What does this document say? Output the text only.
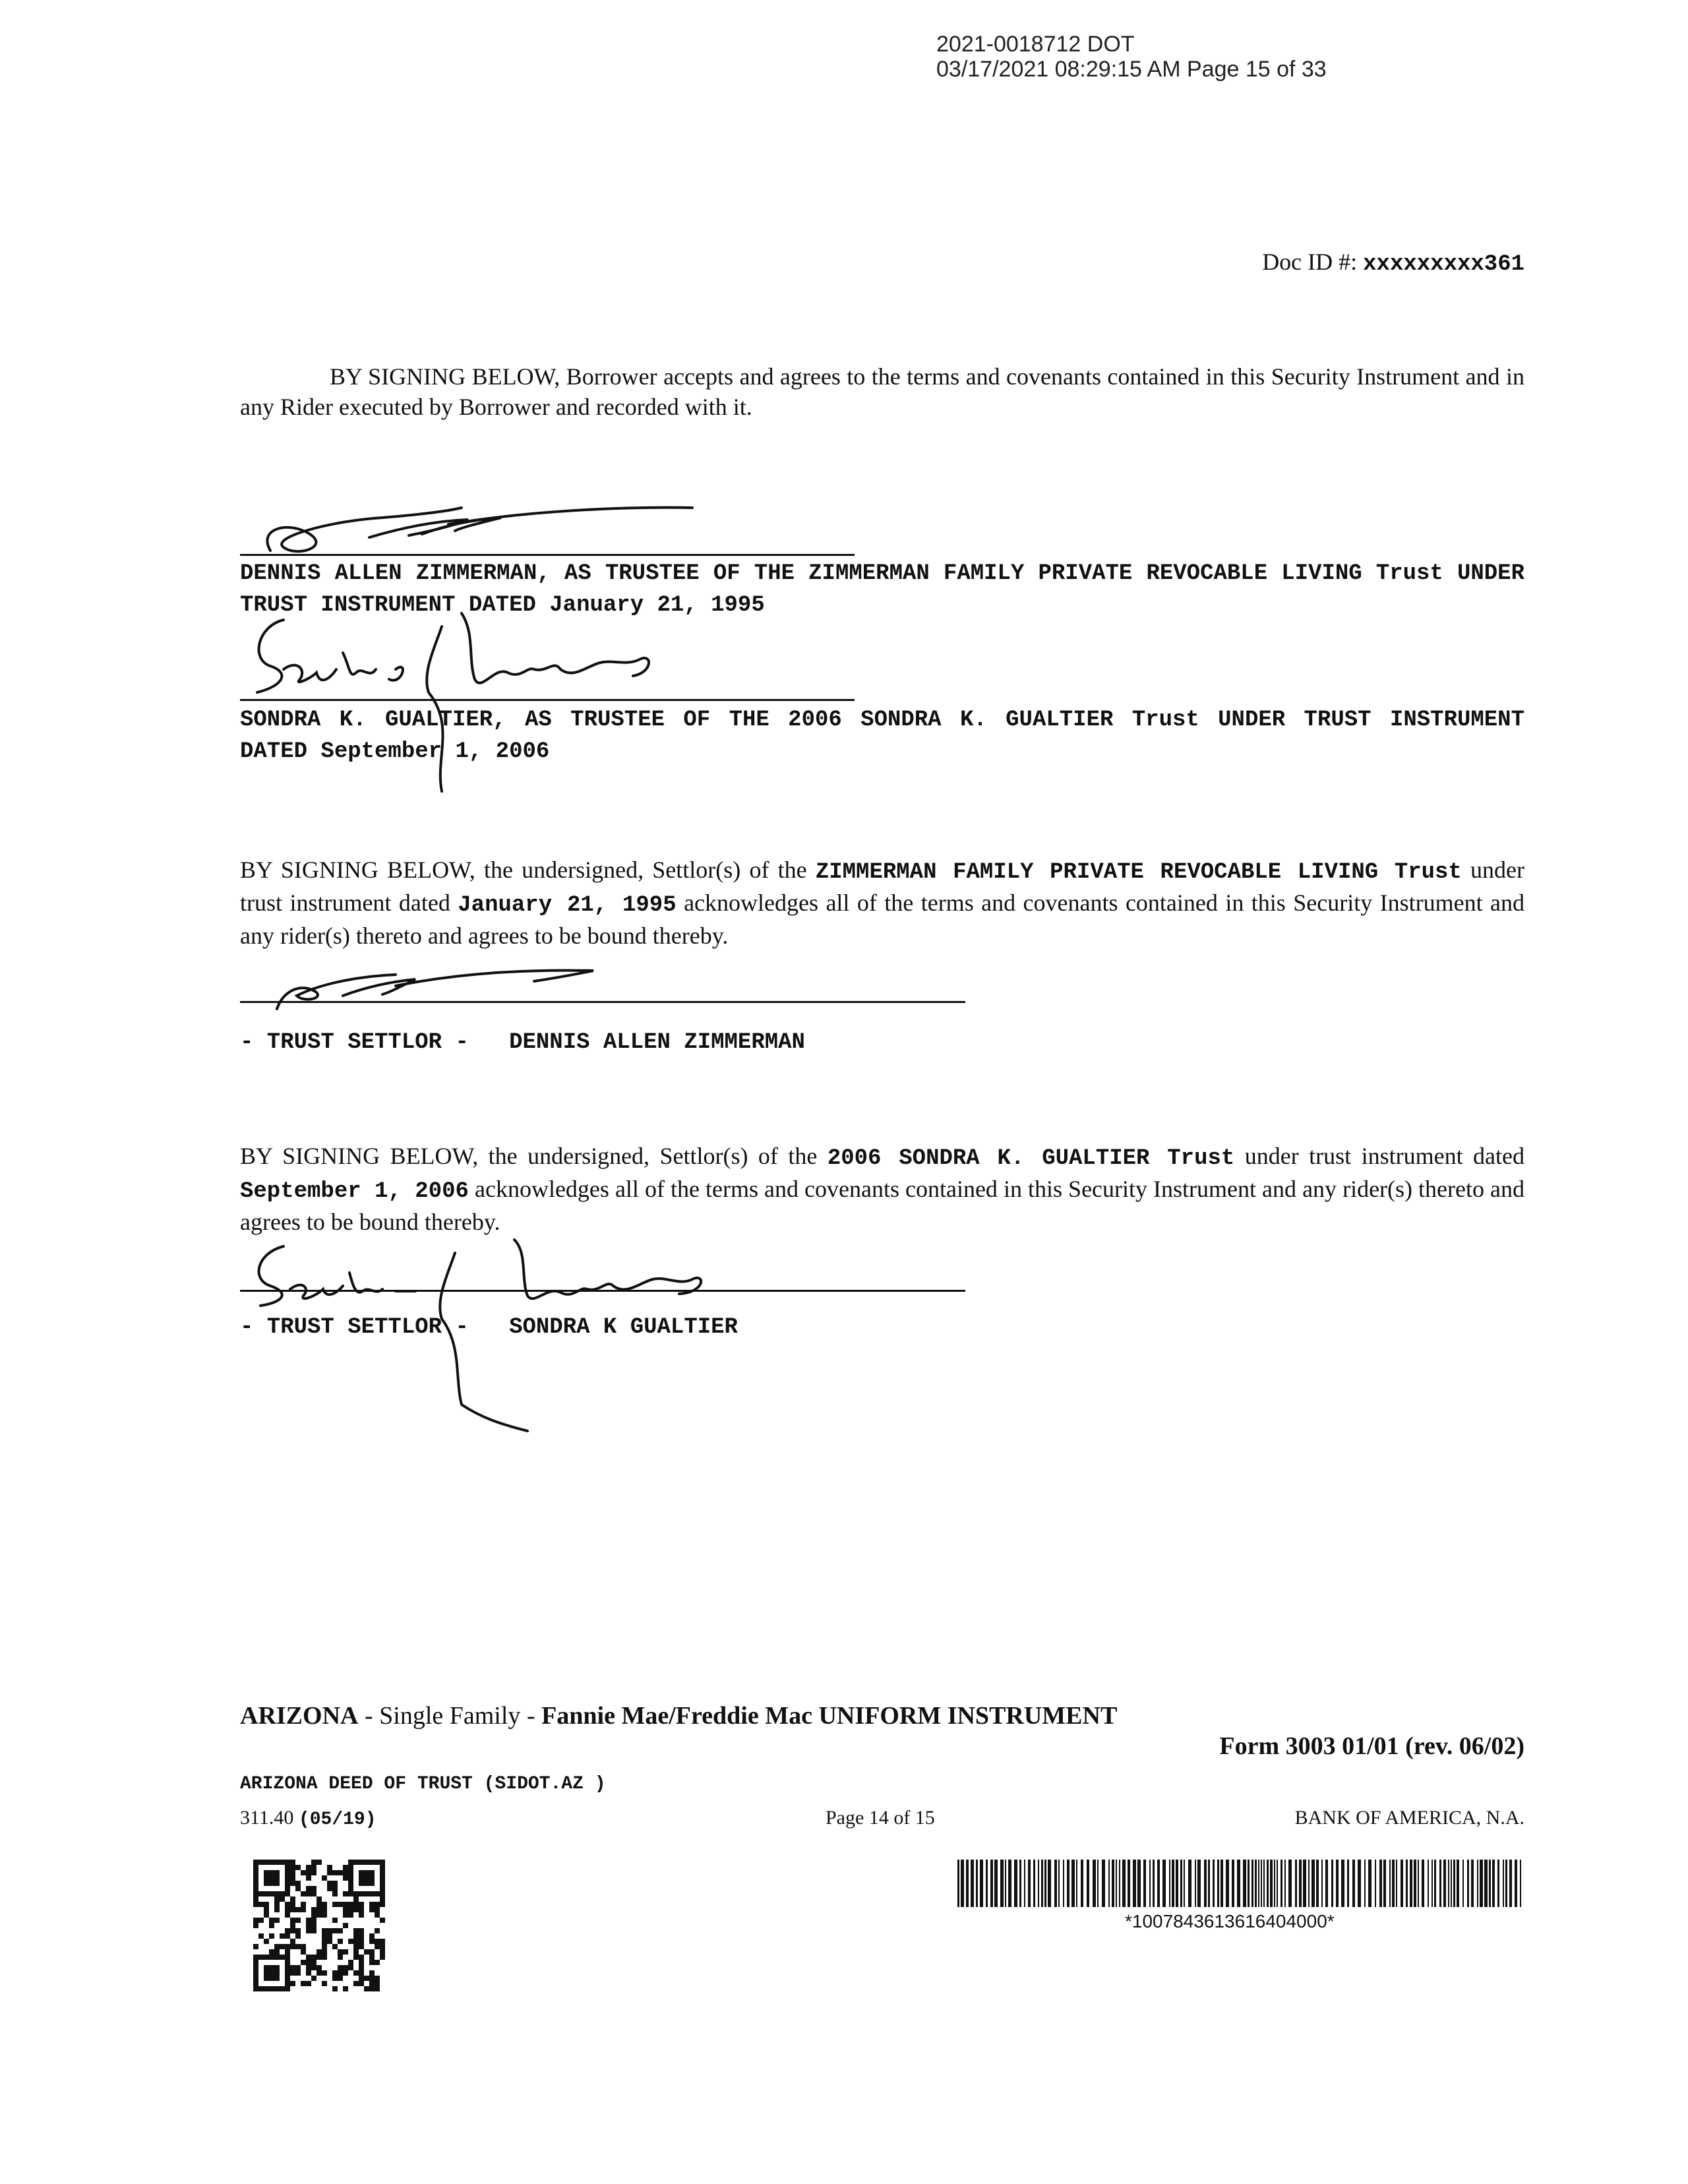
2021-0018712 DOT
03/17/2021 08:29:15 AM Page 15 of 33
Doc ID #: xxxxxxxxx361
BY SIGNING BELOW, Borrower accepts and agrees to the terms and covenants contained in this Security Instrument and in any Rider executed by Borrower and recorded with it.
DENNIS ALLEN ZIMMERMAN, AS TRUSTEE OF THE ZIMMERMAN FAMILY PRIVATE REVOCABLE LIVING Trust UNDER TRUST INSTRUMENT DATED January 21, 1995
SONDRA K. GUALTIER, AS TRUSTEE OF THE 2006 SONDRA K. GUALTIER Trust UNDER TRUST INSTRUMENT DATED September 1, 2006
BY SIGNING BELOW, the undersigned, Settlor(s) of the ZIMMERMAN FAMILY PRIVATE REVOCABLE LIVING Trust under trust instrument dated January 21, 1995 acknowledges all of the terms and covenants contained in this Security Instrument and any rider(s) thereto and agrees to be bound thereby.
- TRUST SETTLOR - DENNIS ALLEN ZIMMERMAN
BY SIGNING BELOW, the undersigned, Settlor(s) of the 2006 SONDRA K. GUALTIER Trust under trust instrument dated September 1, 2006 acknowledges all of the terms and covenants contained in this Security Instrument and any rider(s) thereto and agrees to be bound thereby.
- TRUST SETTLOR - SONDRA K GUALTIER
ARIZONA - Single Family - Fannie Mae/Freddie Mac UNIFORM INSTRUMENT
Form 3003 01/01 (rev. 06/02)
ARIZONA DEED OF TRUST (SIDOT.AZ )
311.40 (05/19)	Page 14 of 15	BANK OF AMERICA, N.A.
*1007843613616404000*
